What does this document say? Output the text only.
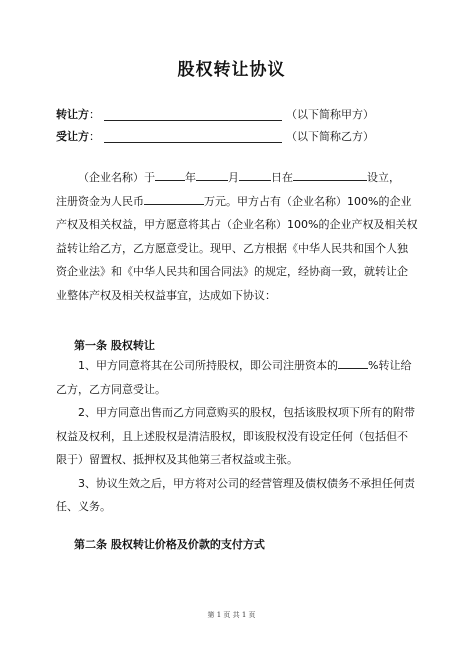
股权转让协议
转让方 ：	（以下简称甲方）
受让方 ：	（以下简称乙方）
（企业名称）于	年	月	日在	设立，
注册资金为人民币	万元。甲方占有（企业名称）100%的企业
产权及相关权益，甲方愿意将其占（企业名称）100%的企业产权及相关权
益转让给乙方，乙方愿意受让。现甲、乙方根据《中华人民共和国个人独
资企业法》和《中华人民共和国合同法》的规定，经协商一致，就转让企
业整体产权及相关权益事宜，达成如下协议：
第一条 股权转让
1、甲方同意将其在公司所持股权，即公司注册资本的	%转让给
乙方，乙方同意受让。
2、甲方同意出售而乙方同意购买的股权，包括该股权项下所有的附带
权益及权利，且上述股权是清洁股权，即该股权没有设定任何（包括但不
限于）留置权、抵押权及其他第三者权益或主张。
3、协议生效之后，甲方将对公司的经营管理及债权债务不承担任何责
任、义务。
第二条 股权转让价格及价款的支付方式
第 1 页 共 1 页
